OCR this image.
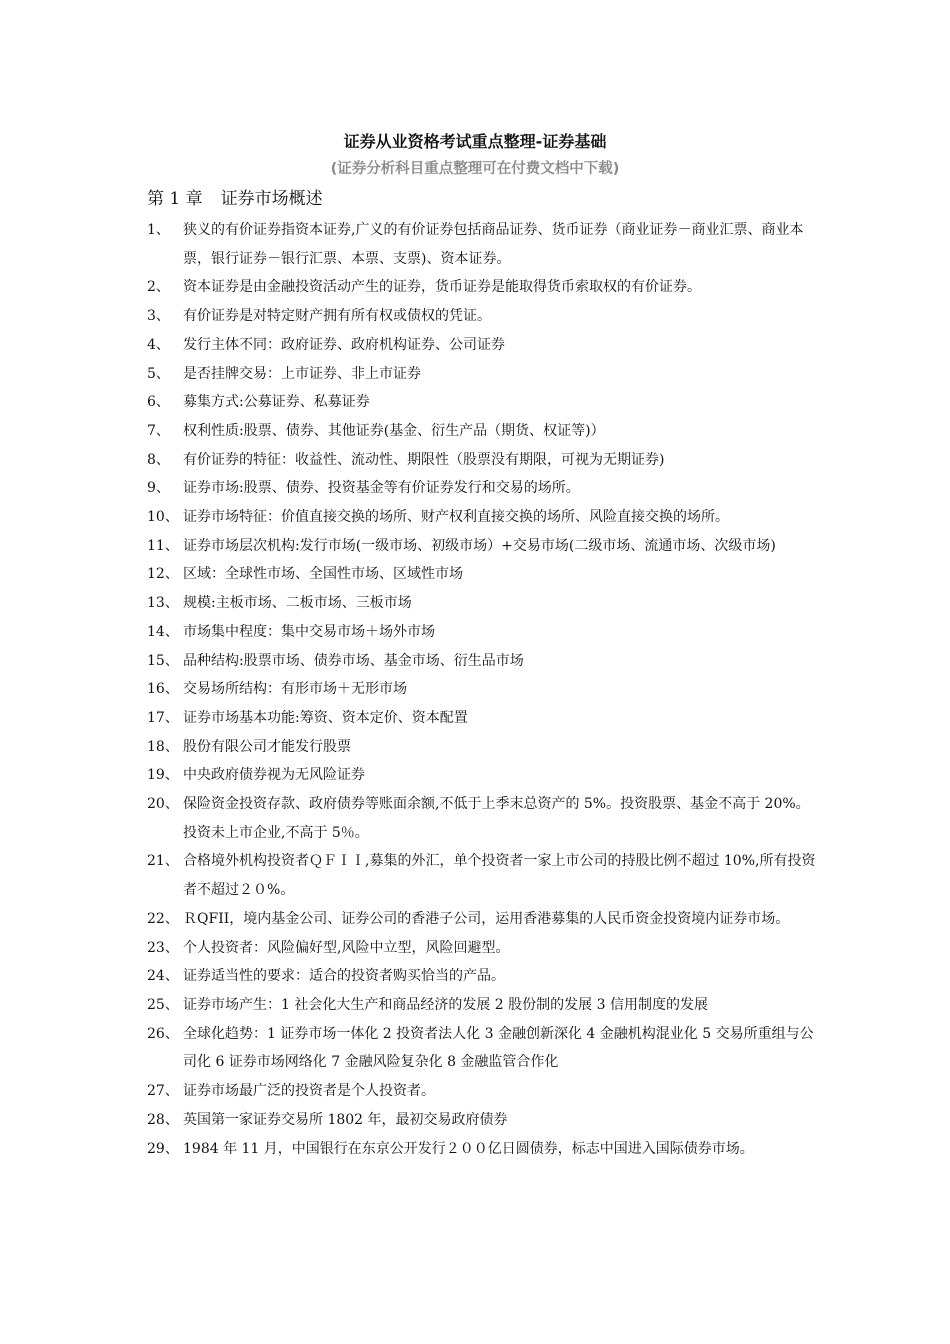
证券从业资格考试重点整理-证券基础
(证券分析科目重点整理可在付费文档中下载)
第 1 章 证券市场概述
1、 狭义的有价证券指资本证券,广义的有价证券包括商品证券、货币证券（商业证券－商业汇票、商业本票，银行证券－银行汇票、本票、支票)、资本证券。
2、 资本证券是由金融投资活动产生的证券，货币证券是能取得货币索取权的有价证券。
3、 有价证券是对特定财产拥有所有权或债权的凭证。
4、 发行主体不同：政府证券、政府机构证券、公司证券
5、 是否挂牌交易：上市证券、非上市证券
6、 募集方式:公募证券、私募证券
7、 权利性质:股票、债券、其他证券(基金、衍生产品（期货、权证等)）
8、 有价证券的特征：收益性、流动性、期限性（股票没有期限，可视为无期证券)
9、 证券市场:股票、债券、投资基金等有价证券发行和交易的场所。
10、 证券市场特征：价值直接交换的场所、财产权利直接交换的场所、风险直接交换的场所。
11、 证券市场层次机构:发行市场(一级市场、初级市场）+交易市场(二级市场、流通市场、次级市场)
12、 区域：全球性市场、全国性市场、区域性市场
13、 规模:主板市场、二板市场、三板市场
14、 市场集中程度：集中交易市场＋场外市场
15、 品种结构:股票市场、债券市场、基金市场、衍生品市场
16、 交易场所结构：有形市场＋无形市场
17、 证券市场基本功能:筹资、资本定价、资本配置
18、 股份有限公司才能发行股票
19、 中央政府债券视为无风险证券
20、 保险资金投资存款、政府债券等账面余额,不低于上季末总资产的 5%。投资股票、基金不高于 20%。投资未上市企业,不高于 5％。
21、 合格境外机构投资者ＱＦＩＩ,募集的外汇，单个投资者一家上市公司的持股比例不超过 10%,所有投资者不超过２０%。
22、 ＲQFII，境内基金公司、证券公司的香港子公司，运用香港募集的人民币资金投资境内证券市场。
23、 个人投资者：风险偏好型,风险中立型，风险回避型。
24、 证券适当性的要求：适合的投资者购买恰当的产品。
25、 证券市场产生：1 社会化大生产和商品经济的发展 2 股份制的发展 3 信用制度的发展
26、 全球化趋势：1 证券市场一体化 2 投资者法人化 3 金融创新深化 4 金融机构混业化 5 交易所重组与公司化 6 证券市场网络化 7 金融风险复杂化 8 金融监管合作化
27、 证券市场最广泛的投资者是个人投资者。
28、 英国第一家证券交易所 1802 年，最初交易政府债券
29、 1984 年 11 月，中国银行在东京公开发行２００亿日圆债券，标志中国进入国际债券市场。
